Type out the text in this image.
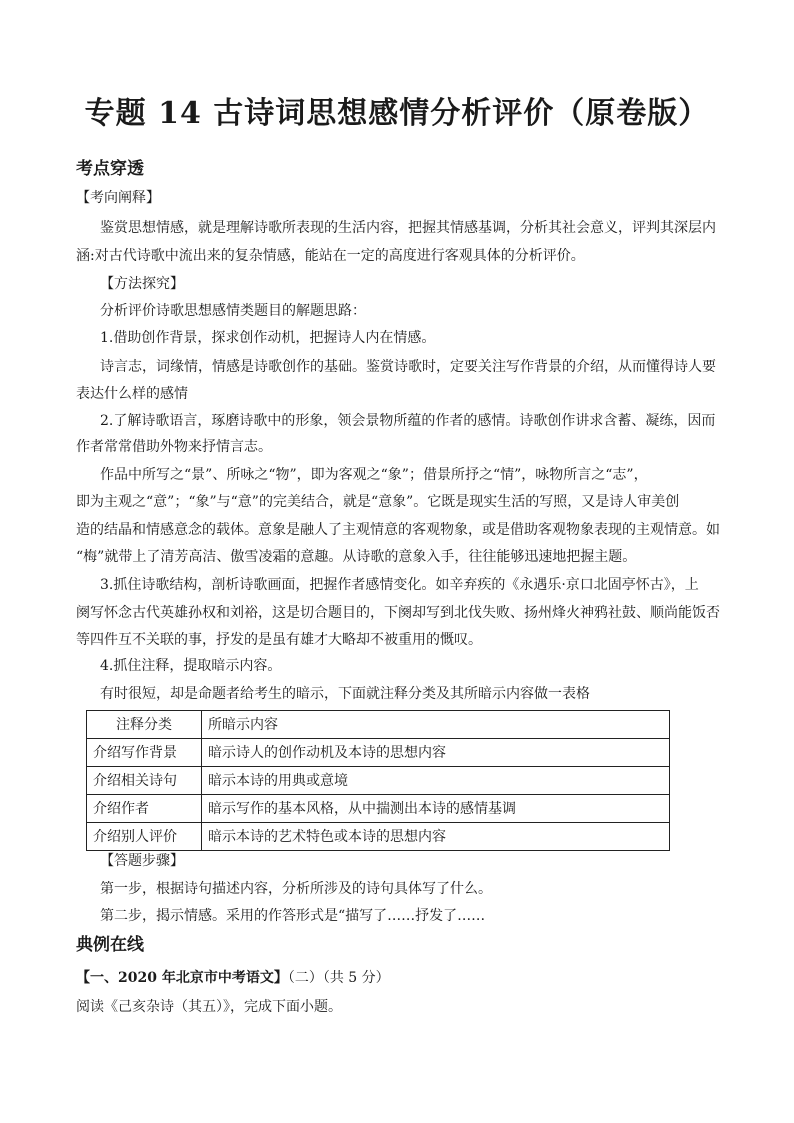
专题 14 古诗词思想感情分析评价（原卷版）
考点穿透
【考向阐释】
鉴赏思想情感，就是理解诗歌所表现的生活内容，把握其情感基调，分析其社会意义，评判其深层内
涵:对古代诗歌中流出来的复杂情感，能站在一定的高度进行客观具体的分析评价。
【方法探究】
分析评价诗歌思想感情类题目的解题思路：
1.借助创作背景，探求创作动机，把握诗人内在情感。
诗言志，词缘情，情感是诗歌创作的基础。鉴赏诗歌时，定要关注写作背景的介绍，从而懂得诗人要
表达什么样的感情
2.了解诗歌语言，琢磨诗歌中的形象，领会景物所蕴的作者的感情。诗歌创作讲求含蓄、凝练，因而
作者常常借助外物来抒情言志。
作品中所写之“景”、所咏之“物”，即为客观之“象”；借景所抒之“情”，咏物所言之“志”，
即为主观之“意”；“象”与“意”的完美结合，就是“意象”。它既是现实生活的写照，又是诗人审美创
造的结晶和情感意念的载体。意象是融人了主观情意的客观物象，或是借助客观物象表现的主观情意。如
“梅”就带上了清芳高洁、傲雪凌霜的意趣。从诗歌的意象入手，往往能够迅速地把握主题。
3.抓住诗歌结构，剖析诗歌画面，把握作者感情变化。如辛弃疾的《永遇乐·京口北固亭怀古》，上
阕写怀念古代英雄孙权和刘裕，这是切合题目的，下阕却写到北伐失败、扬州烽火神鸦社鼓、顺尚能饭否
等四件互不关联的事，抒发的是虽有雄才大略却不被重用的慨叹。
4.抓住注释，提取暗示内容。
有时很短，却是命题者给考生的暗示，下面就注释分类及其所暗示内容做一表格
注释分类	所暗示内容
介绍写作背景	暗示诗人的创作动机及本诗的思想内容
介绍相关诗句	暗示本诗的用典或意境
介绍作者	暗示写作的基本风格，从中揣测出本诗的感情基调
介绍别人评价	暗示本诗的艺术特色或本诗的思想内容
【答题步骤】
第一步，根据诗句描述内容，分析所涉及的诗句具体写了什么。
第二步，揭示情感。采用的作答形式是“描写了……抒发了……
典例在线
【一、2020 年北京市中考语文】（二）（共 5 分）
阅读《己亥杂诗（其五）》，完成下面小题。
